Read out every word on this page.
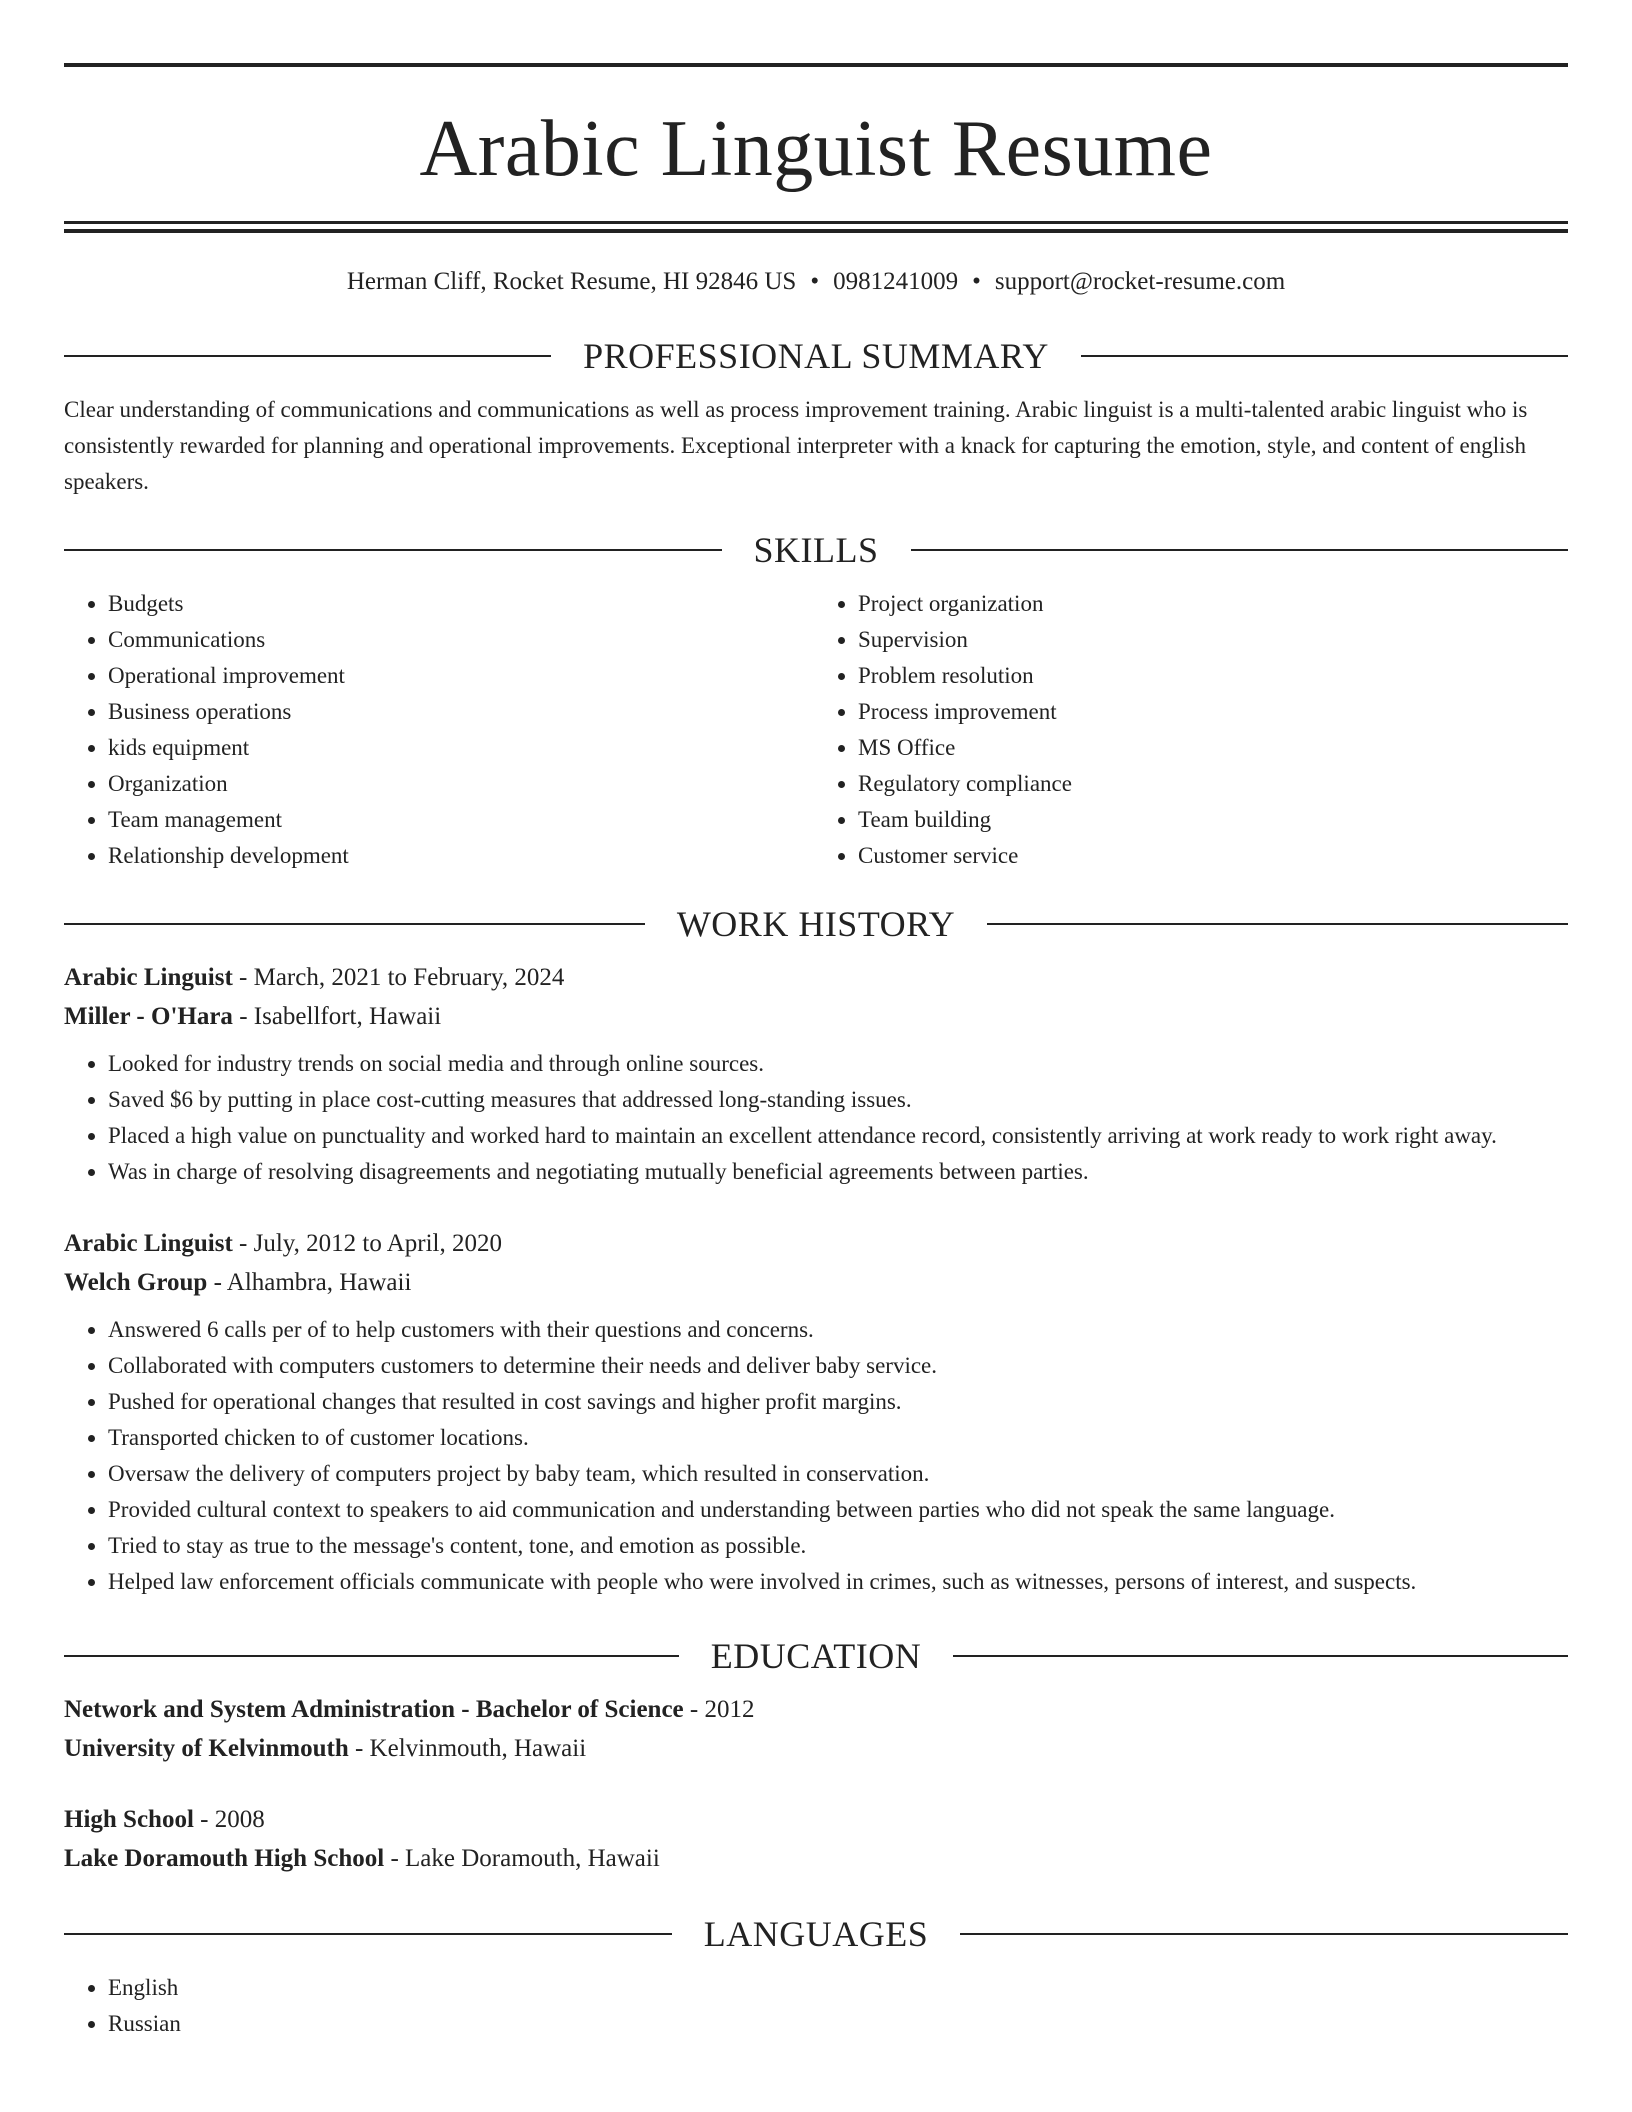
Arabic Linguist Resume
Herman Cliff, Rocket Resume, HI 92846 US • 0981241009 • support@rocket-resume.com
PROFESSIONAL SUMMARY
Clear understanding of communications and communications as well as process improvement training. Arabic linguist is a multi-talented arabic linguist who is consistently rewarded for planning and operational improvements. Exceptional interpreter with a knack for capturing the emotion, style, and content of english speakers.
SKILLS
• Budgets
• Communications
• Operational improvement
• Business operations
• kids equipment
• Organization
• Team management
• Relationship development
• Project organization
• Supervision
• Problem resolution
• Process improvement
• MS Office
• Regulatory compliance
• Team building
• Customer service
WORK HISTORY
Arabic Linguist - March, 2021 to February, 2024
Miller - O'Hara - Isabellfort, Hawaii
• Looked for industry trends on social media and through online sources.
• Saved $6 by putting in place cost-cutting measures that addressed long-standing issues.
• Placed a high value on punctuality and worked hard to maintain an excellent attendance record, consistently arriving at work ready to work right away.
• Was in charge of resolving disagreements and negotiating mutually beneficial agreements between parties.
Arabic Linguist - July, 2012 to April, 2020
Welch Group - Alhambra, Hawaii
• Answered 6 calls per of to help customers with their questions and concerns.
• Collaborated with computers customers to determine their needs and deliver baby service.
• Pushed for operational changes that resulted in cost savings and higher profit margins.
• Transported chicken to of customer locations.
• Oversaw the delivery of computers project by baby team, which resulted in conservation.
• Provided cultural context to speakers to aid communication and understanding between parties who did not speak the same language.
• Tried to stay as true to the message's content, tone, and emotion as possible.
• Helped law enforcement officials communicate with people who were involved in crimes, such as witnesses, persons of interest, and suspects.
EDUCATION
Network and System Administration - Bachelor of Science - 2012
University of Kelvinmouth - Kelvinmouth, Hawaii
High School - 2008
Lake Doramouth High School - Lake Doramouth, Hawaii
LANGUAGES
• English
• Russian
